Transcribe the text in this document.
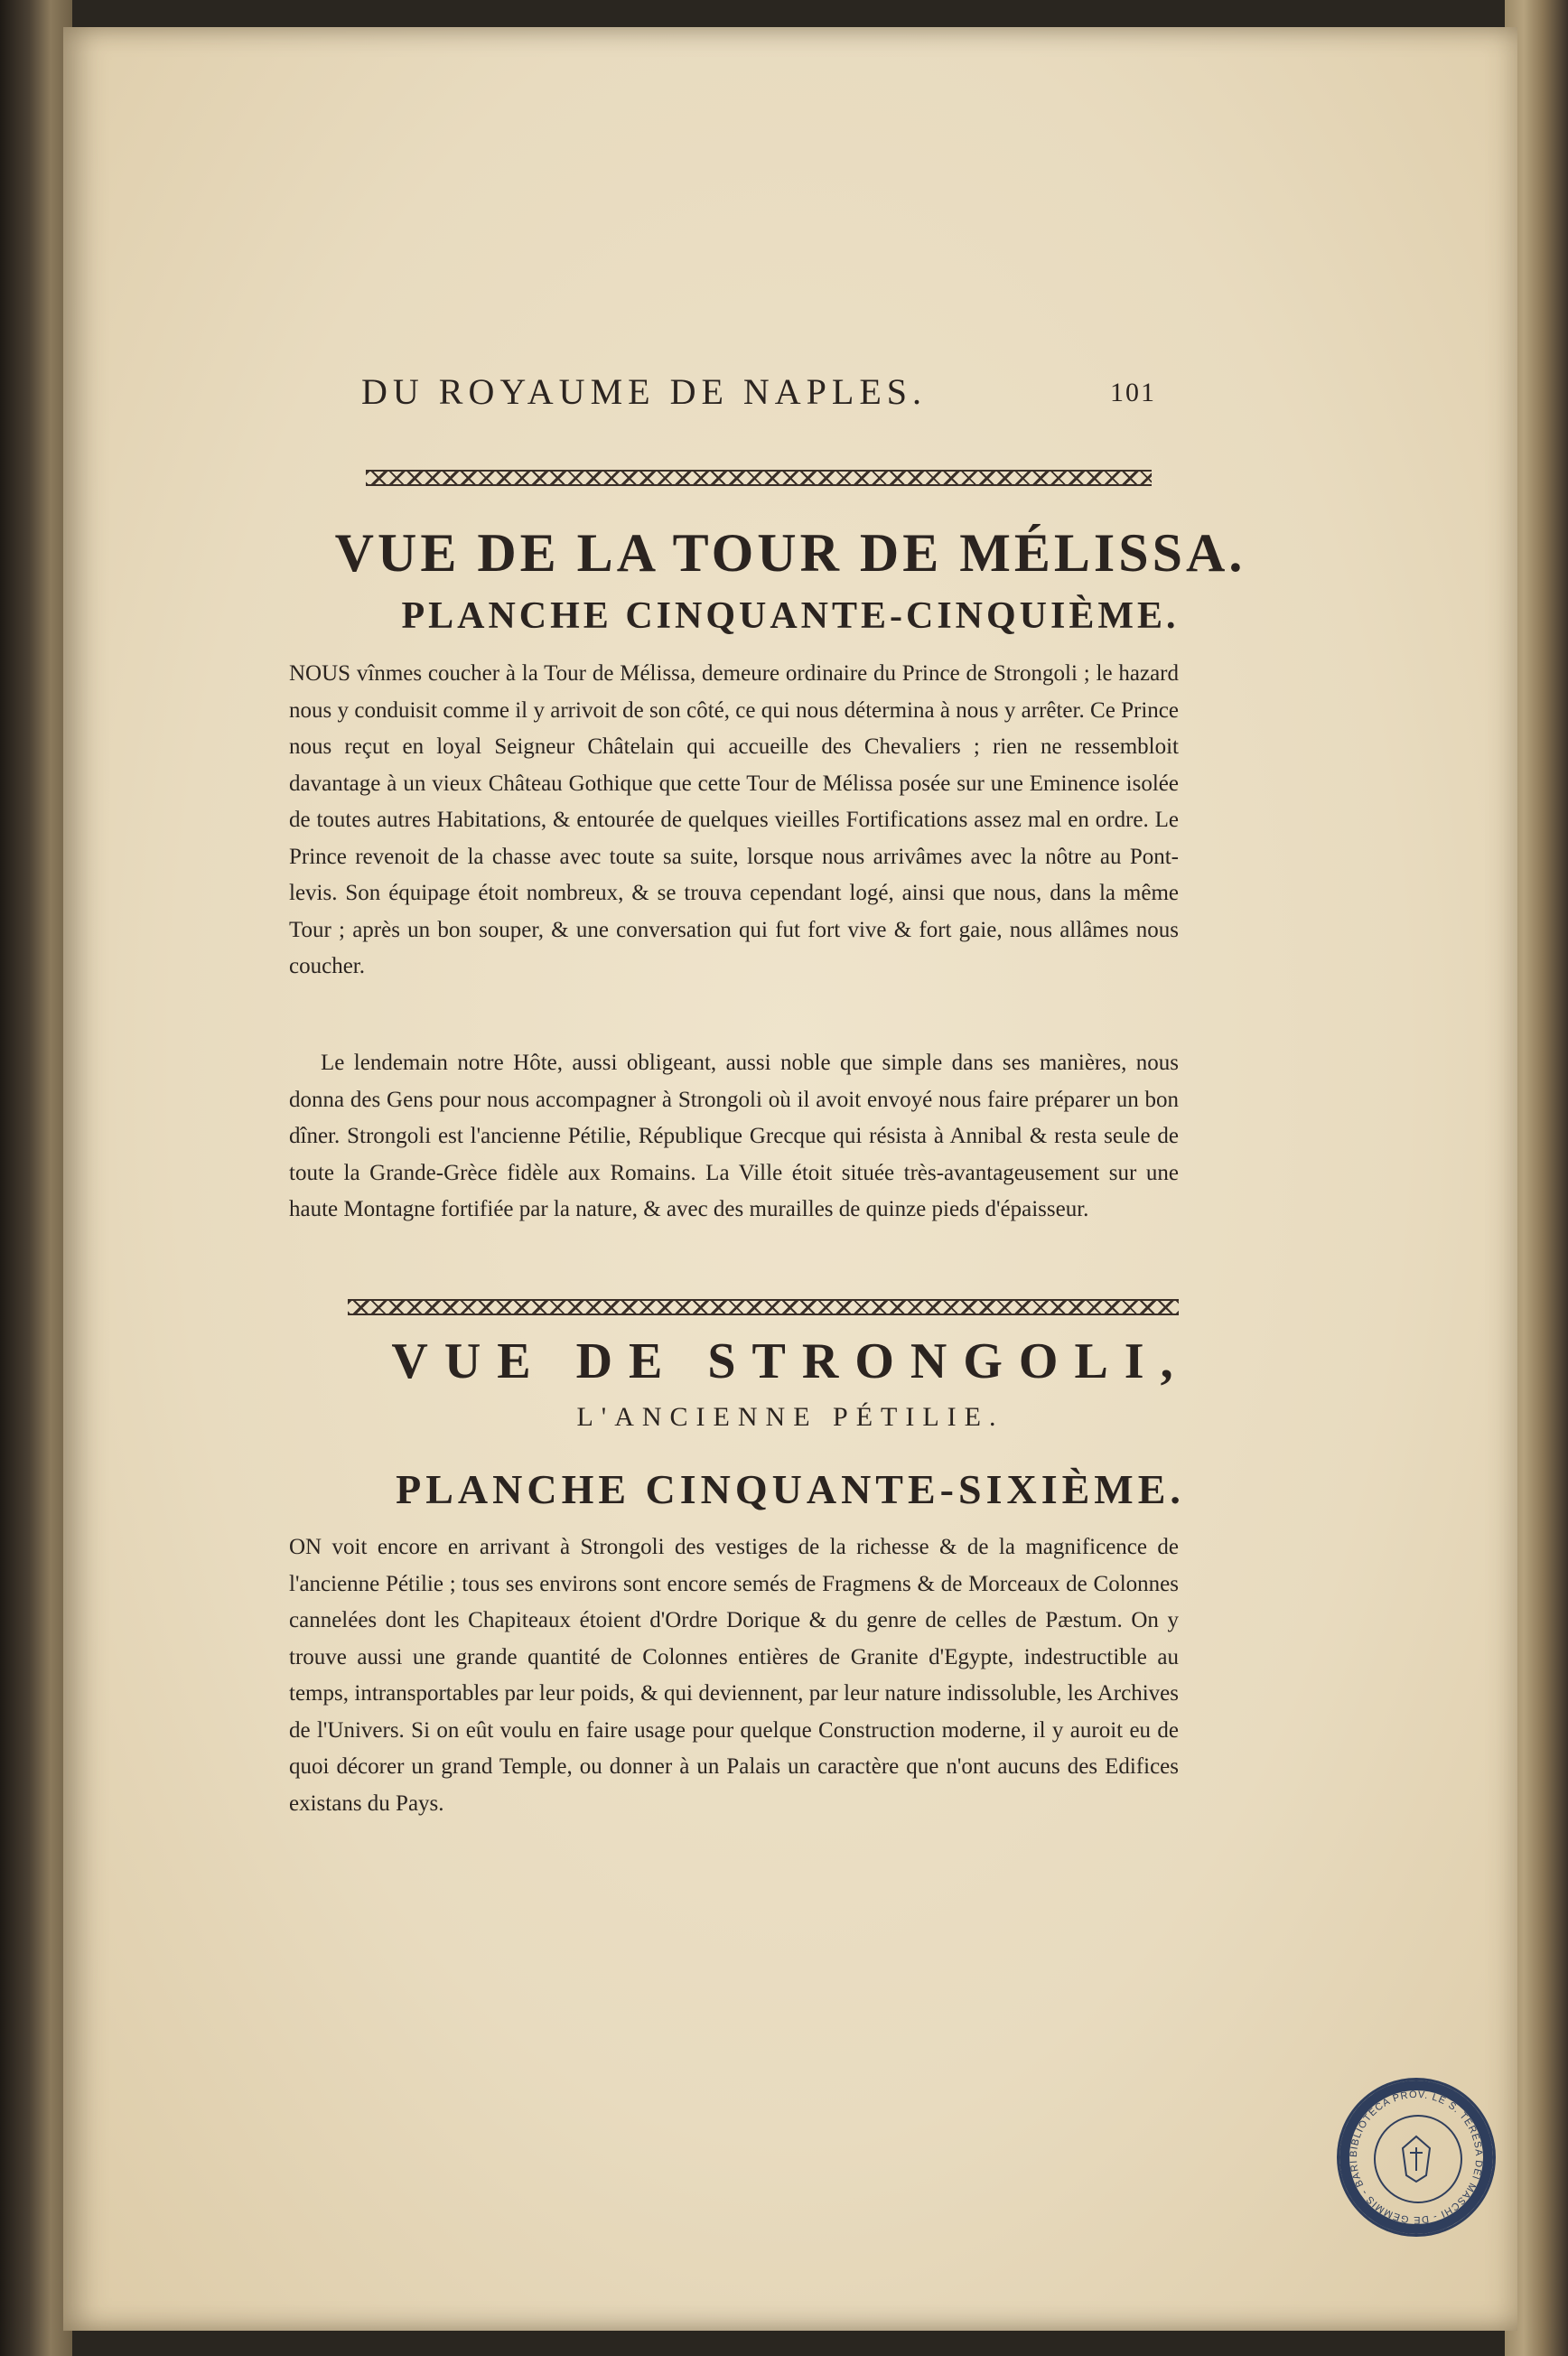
DU ROYAUME DE NAPLES.	101
VUE DE LA TOUR DE MÉLISSA.
PLANCHE CINQUANTE-CINQUIÈME.

NOUS vînmes coucher à la Tour de Mélissa, demeure ordinaire du Prince de Strongoli ; le hazard nous y conduisit comme il y arrivoit de son côté, ce qui nous détermina à nous y arrêter. Ce Prince nous reçut en loyal Seigneur Châtelain qui accueille des Chevaliers ; rien ne ressembloit davantage à un vieux Château Gothique que cette Tour de Mélissa posée sur une Eminence isolée de toutes autres Habitations, & entourée de quelques vieilles Fortifications assez mal en ordre. Le Prince revenoit de la chasse avec toute sa suite, lorsque nous arrivâmes avec la nôtre au Pont-levis. Son équipage étoit nombreux, & se trouva cependant logé, ainsi que nous, dans la même Tour ; après un bon souper, & une conversation qui fut fort vive & fort gaie, nous allâmes nous coucher.

Le lendemain notre Hôte, aussi obligeant, aussi noble que simple dans ses manières, nous donna des Gens pour nous accompagner à Strongoli où il avoit envoyé nous faire préparer un bon dîner. Strongoli est l'ancienne Pétilie, République Grecque qui résista à Annibal & resta seule de toute la Grande-Grèce fidèle aux Romains. La Ville étoit située très-avantageusement sur une haute Montagne fortifiée par la nature, & avec des murailles de quinze pieds d'épaisseur.

VUE DE STRONGOLI,
L'ANCIENNE PÉTILIE.
PLANCHE CINQUANTE-SIXIÈME.

ON voit encore en arrivant à Strongoli des vestiges de la richesse & de la magnificence de l'ancienne Pétilie ; tous ses environs sont encore semés de Fragmens & de Morceaux de Colonnes cannelées dont les Chapiteaux étoient d'Ordre Dorique & du genre de celles de Pæstum. On y trouve aussi une grande quantité de Colonnes entières de Granite d'Egypte, indestructible au temps, intransportables par leur poids, & qui deviennent, par leur nature indissoluble, les Archives de l'Univers. Si on eût voulu en faire usage pour quelque Construction moderne, il y auroit eu de quoi décorer un grand Temple, ou donner à un Palais un caractère que n'ont aucuns des Edifices existans du Pays.

BIBLIOTECA PROV. LE S. TERESA DEI MASCHI - DE GEMMIS - BARI
